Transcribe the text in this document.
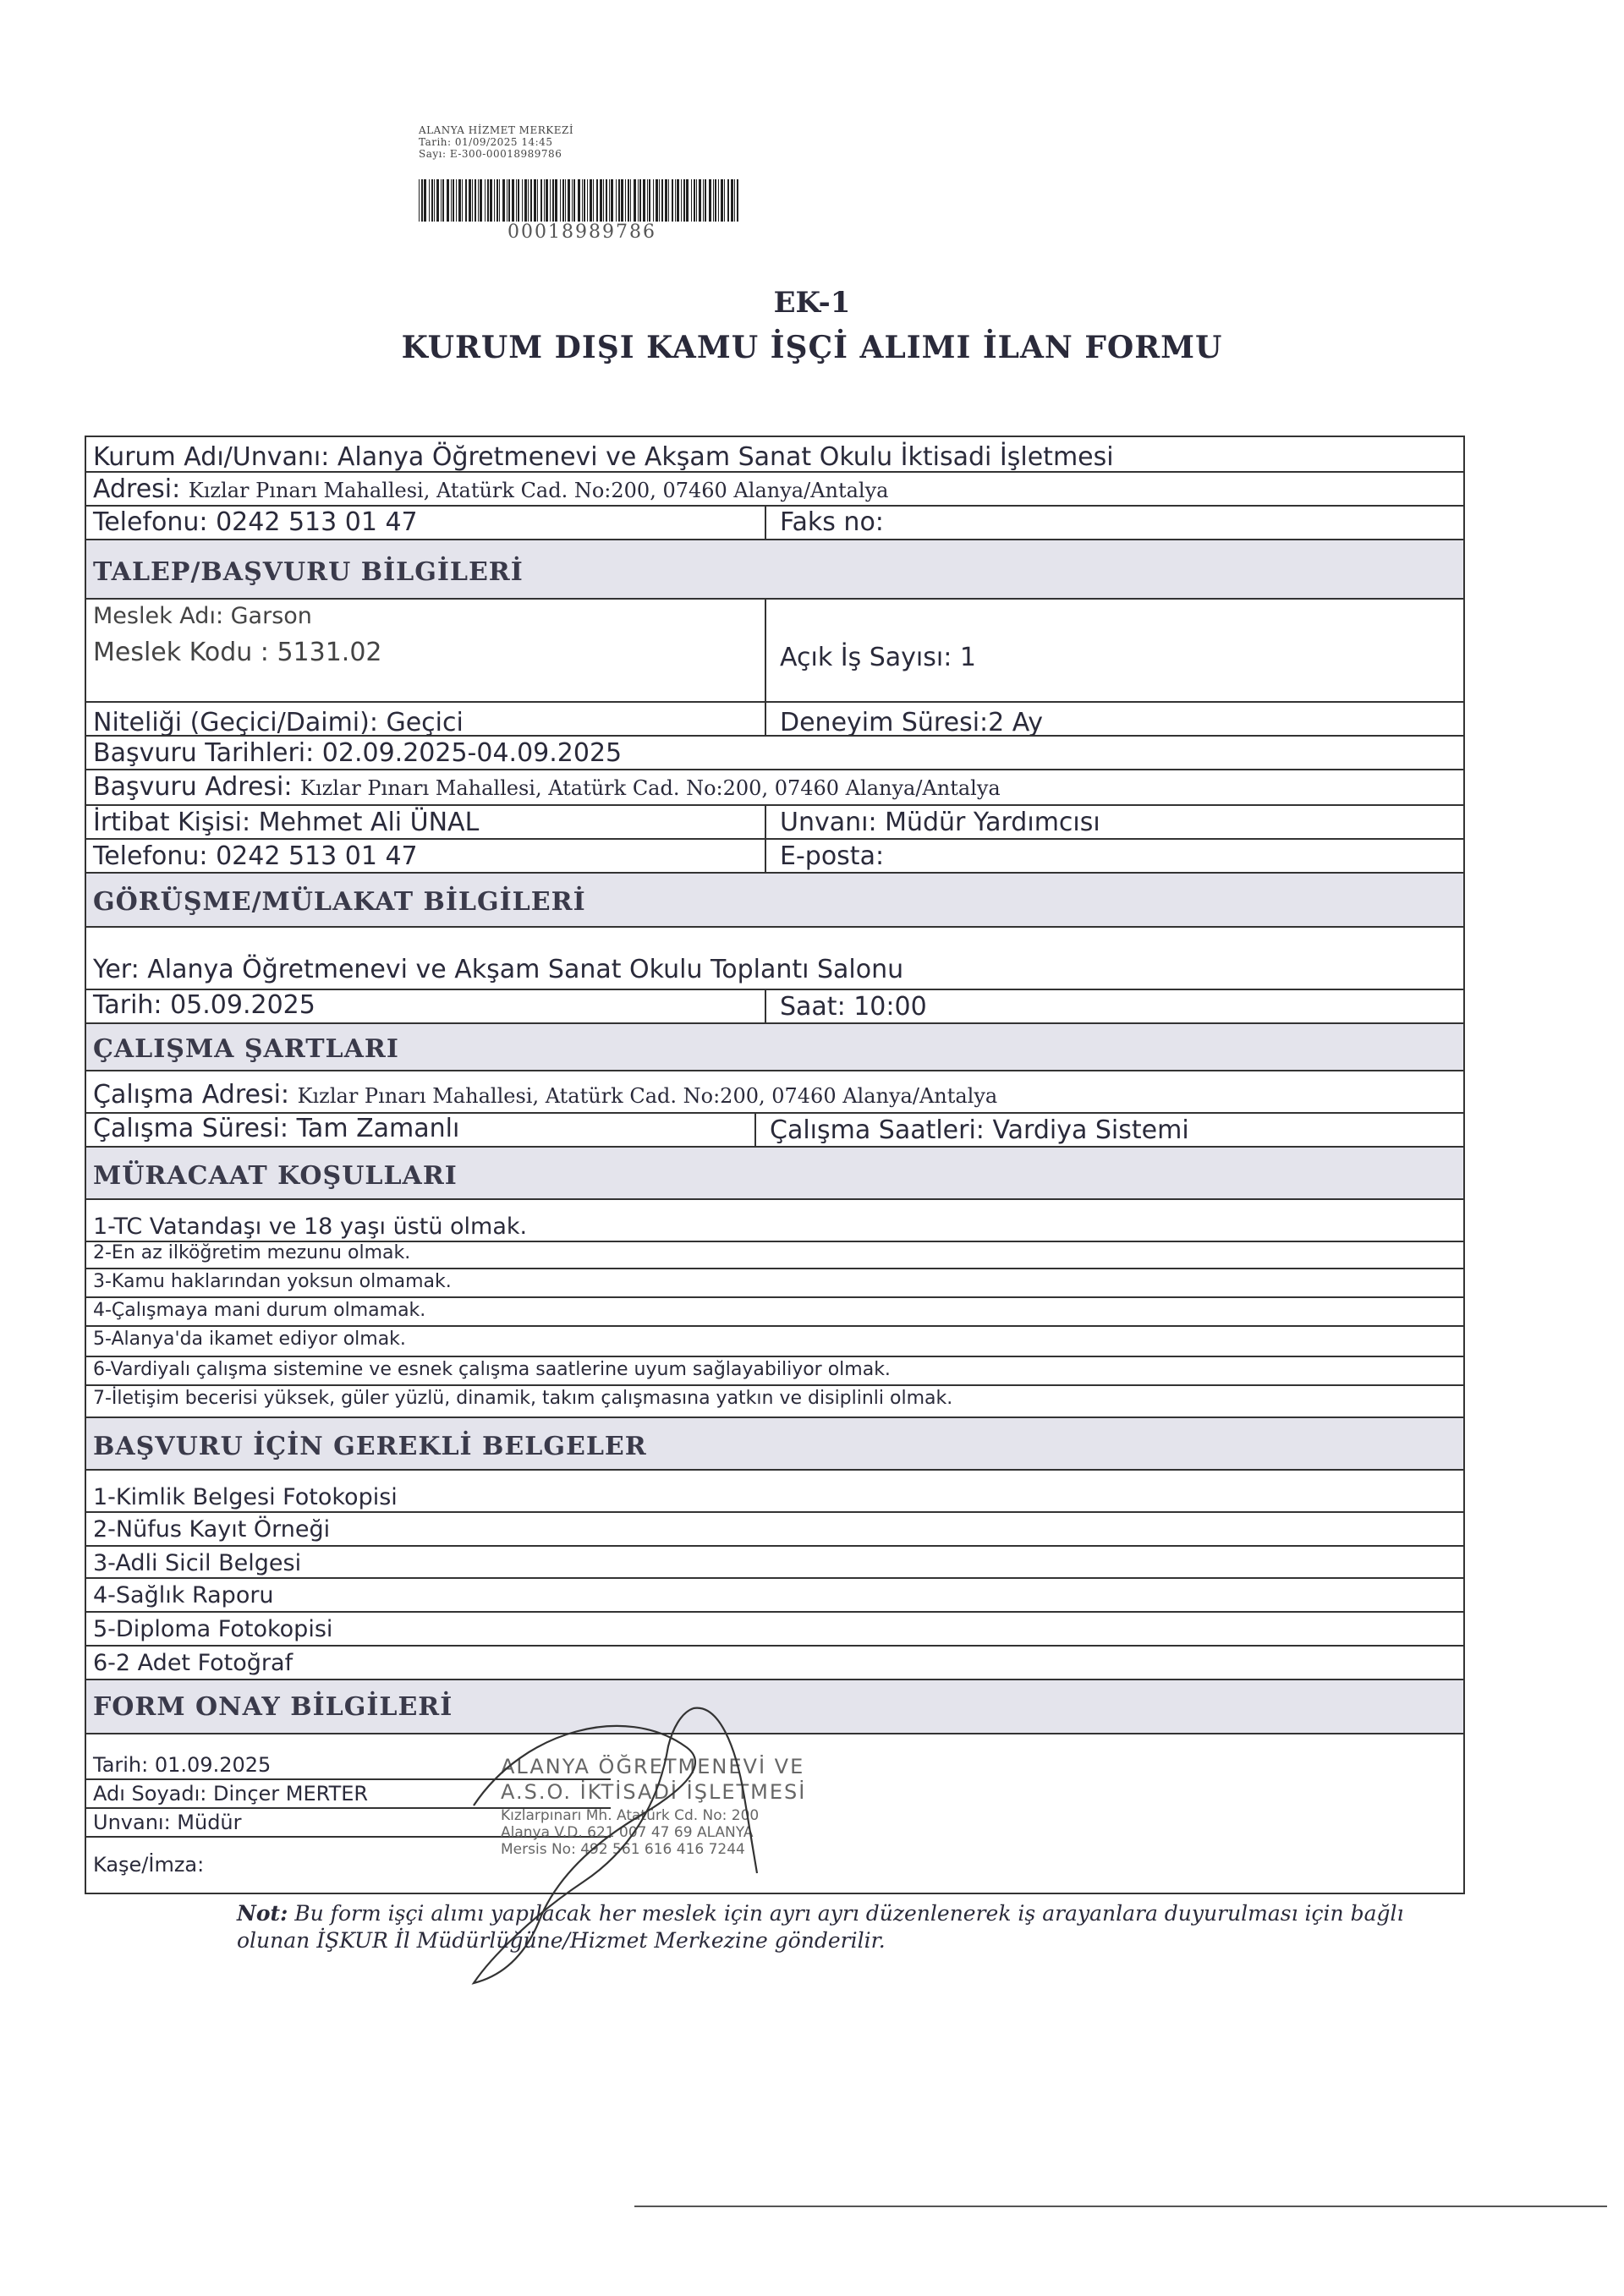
ALANYA HİZMET MERKEZİ
Tarih: 01/09/2025 14:45
Sayı: E-300-00018989786
00018989786
EK-1
KURUM DIŞI KAMU İŞÇİ ALIMI İLAN FORMU
Kurum Adı/Unvanı: Alanya Öğretmenevi ve Akşam Sanat Okulu İktisadi İşletmesi
Adresi: Kızlar Pınarı Mahallesi, Atatürk Cad. No:200, 07460 Alanya/Antalya
Telefonu: 0242 513 01 47	Faks no:
TALEP/BAŞVURU BİLGİLERİ
Meslek Adı: Garson
Meslek Kodu : 5131.02	Açık İş Sayısı: 1
Niteliği (Geçici/Daimi): Geçici	Deneyim Süresi:2 Ay
Başvuru Tarihleri: 02.09.2025-04.09.2025
Başvuru Adresi: Kızlar Pınarı Mahallesi, Atatürk Cad. No:200, 07460 Alanya/Antalya
İrtibat Kişisi: Mehmet Ali ÜNAL	Unvanı: Müdür Yardımcısı
Telefonu: 0242 513 01 47	E-posta:
GÖRÜŞME/MÜLAKAT BİLGİLERİ
Yer: Alanya Öğretmenevi ve Akşam Sanat Okulu Toplantı Salonu
Tarih: 05.09.2025	Saat: 10:00
ÇALIŞMA ŞARTLARI
Çalışma Adresi: Kızlar Pınarı Mahallesi, Atatürk Cad. No:200, 07460 Alanya/Antalya
Çalışma Süresi: Tam Zamanlı	Çalışma Saatleri: Vardiya Sistemi
MÜRACAAT KOŞULLARI
1-TC Vatandaşı ve 18 yaşı üstü olmak.
2-En az ilköğretim mezunu olmak.
3-Kamu haklarından yoksun olmamak.
4-Çalışmaya mani durum olmamak.
5-Alanya'da ikamet ediyor olmak.
6-Vardiyalı çalışma sistemine ve esnek çalışma saatlerine uyum sağlayabiliyor olmak.
7-İletişim becerisi yüksek, güler yüzlü, dinamik, takım çalışmasına yatkın ve disiplinli olmak.
BAŞVURU İÇİN GEREKLİ BELGELER
1-Kimlik Belgesi Fotokopisi
2-Nüfus Kayıt Örneği
3-Adli Sicil Belgesi
4-Sağlık Raporu
5-Diploma Fotokopisi
6-2 Adet Fotoğraf
FORM ONAY BİLGİLERİ
Tarih: 01.09.2025
Adı Soyadı: Dinçer MERTER
Unvanı: Müdür
Kaşe/İmza:
ALANYA ÖĞRETMENEVİ VE
A.S.O. İKTİSADİ İŞLETMESİ
Kızlarpınarı Mh. Atatürk Cd. No: 200
Alanya V.D. 621 007 47 69 ALANYA
Mersis No: 492 561 616 416 7244
Not: Bu form işçi alımı yapılacak her meslek için ayrı ayrı düzenlenerek iş arayanlara duyurulması için bağlı olunan İŞKUR İl Müdürlüğüne/Hizmet Merkezine gönderilir.
